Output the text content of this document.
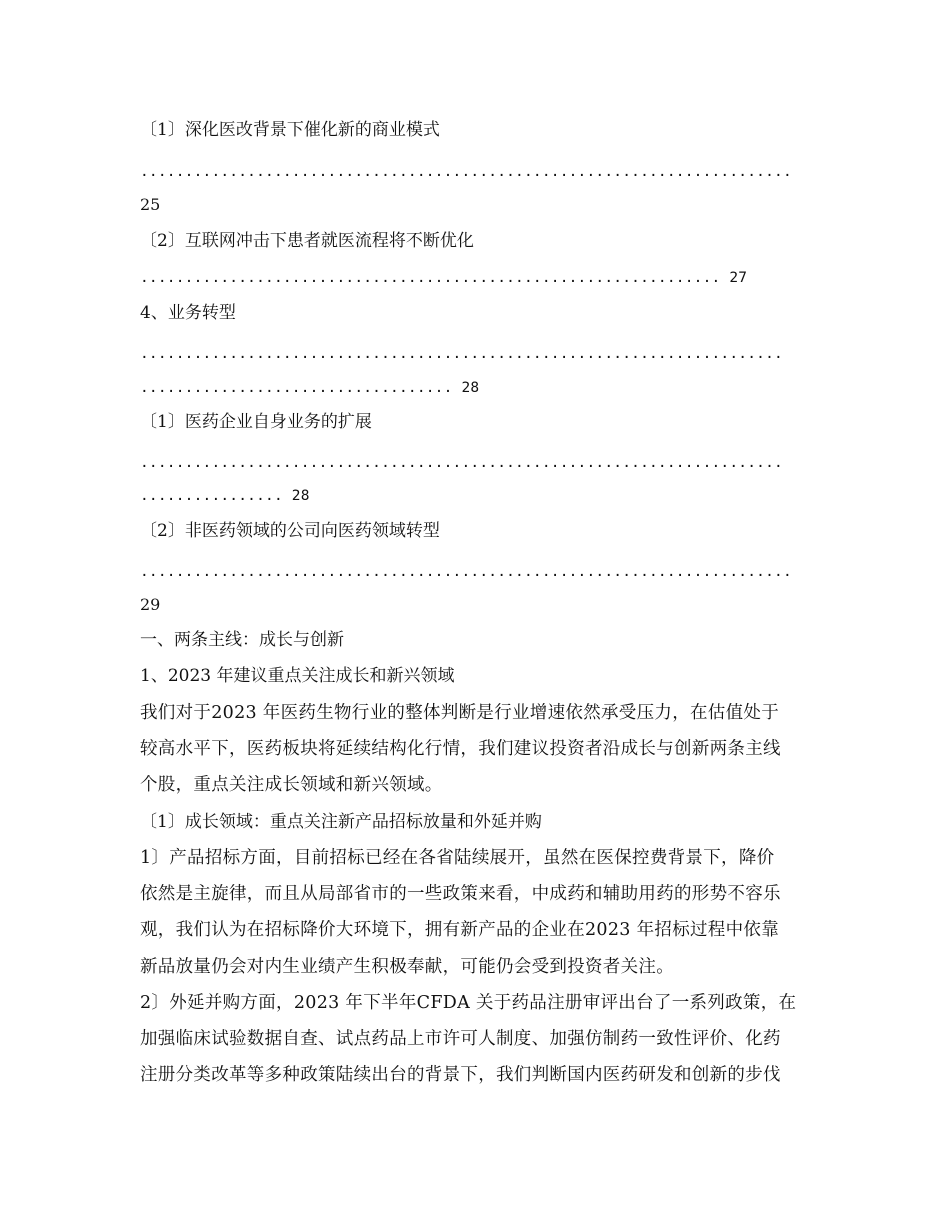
〔1〕深化医改背景下催化新的商业模式

.........................................................................

25

〔2〕互联网冲击下患者就医流程将不断优化

................................................................. 27

4、业务转型

........................................................................

................................... 28

〔1〕医药企业自身业务的扩展

........................................................................

................ 28

〔2〕非医药领域的公司向医药领域转型

.........................................................................

29

一、两条主线：成长与创新

1、2023 年建议重点关注成长和新兴领域

我们对于2023 年医药生物行业的整体判断是行业增速依然承受压力，在估值处于

较高水平下，医药板块将延续结构化行情，我们建议投资者沿成长与创新两条主线

个股，重点关注成长领域和新兴领域。

〔1〕成长领域：重点关注新产品招标放量和外延并购

1〕产品招标方面，目前招标已经在各省陆续展开，虽然在医保控费背景下，降价

依然是主旋律，而且从局部省市的一些政策来看，中成药和辅助用药的形势不容乐

观，我们认为在招标降价大环境下，拥有新产品的企业在2023 年招标过程中依靠

新品放量仍会对内生业绩产生积极奉献，可能仍会受到投资者关注。

2〕外延并购方面，2023 年下半年CFDA 关于药品注册审评出台了一系列政策，在

加强临床试验数据自查、试点药品上市许可人制度、加强仿制药一致性评价、化药

注册分类改革等多种政策陆续出台的背景下，我们判断国内医药研发和创新的步伐
